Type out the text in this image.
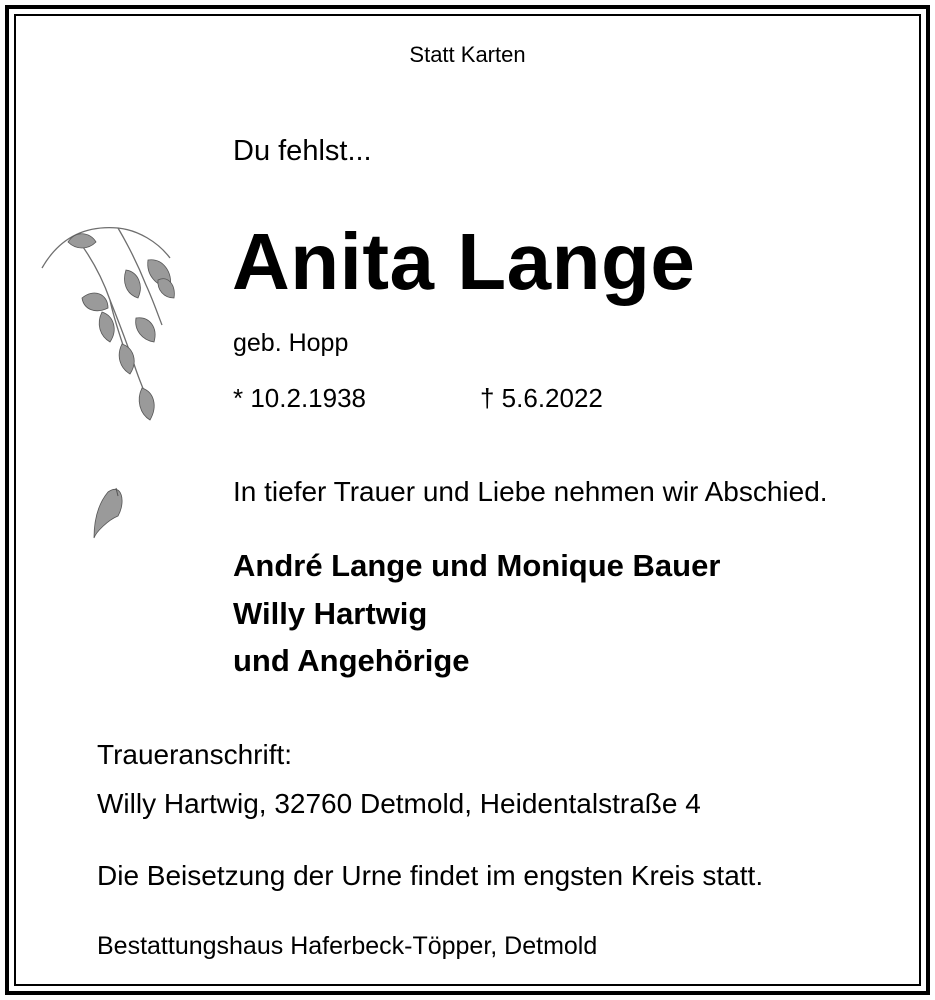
Statt Karten
Du fehlst...
Anita Lange
geb. Hopp
* 10.2.1938	† 5.6.2022
In tiefer Trauer und Liebe nehmen wir Abschied.
André Lange und Monique Bauer
Willy Hartwig
und Angehörige
Traueranschrift:
Willy Hartwig, 32760 Detmold, Heidentalstraße 4
Die Beisetzung der Urne findet im engsten Kreis statt.
Bestattungshaus Haferbeck-Töpper, Detmold
